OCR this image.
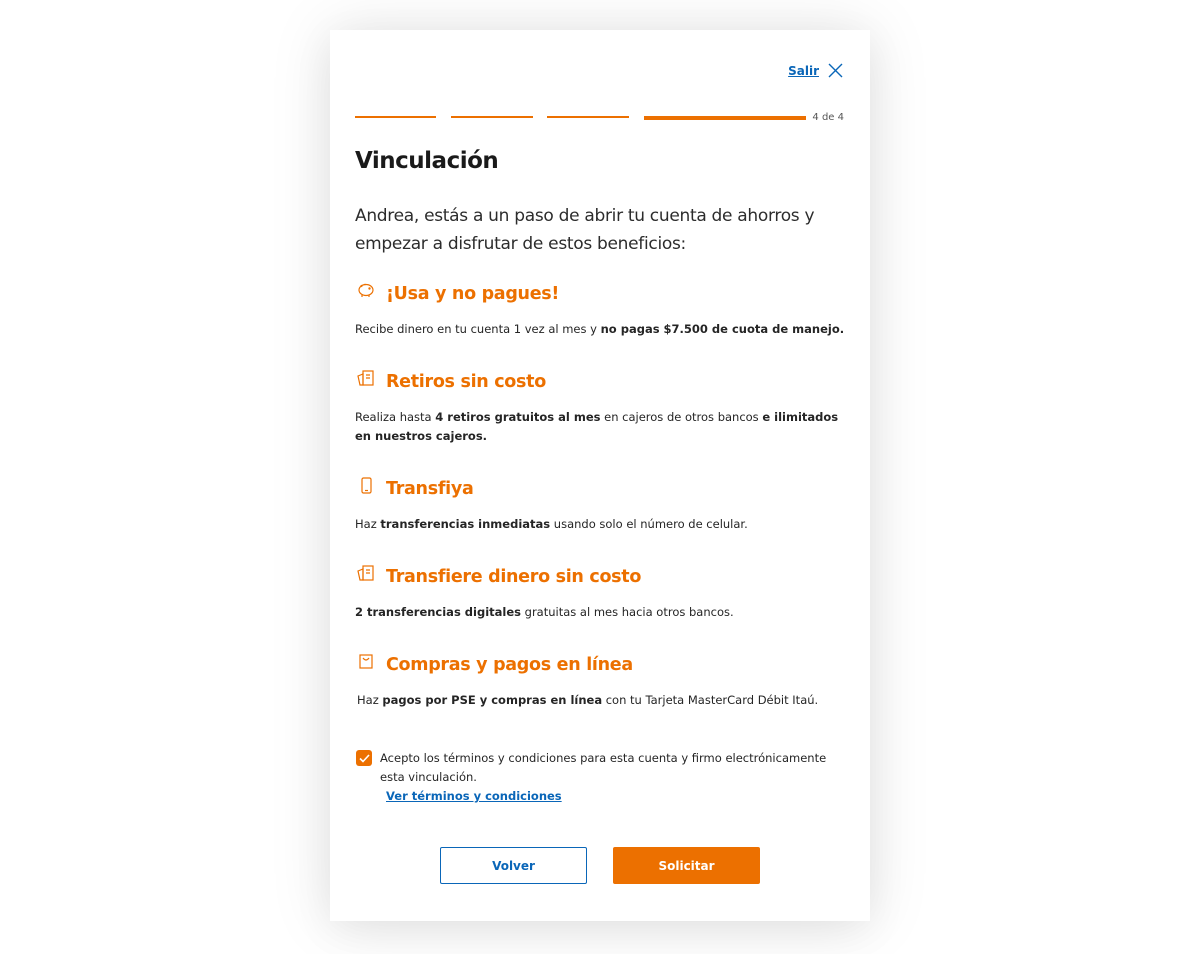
Salir
4 de 4
Vinculación

Andrea, estás a un paso de abrir tu cuenta de ahorros y empezar a disfrutar de estos beneficios:

¡Usa y no pagues!
Recibe dinero en tu cuenta 1 vez al mes y no pagas $7.500 de cuota de manejo.
Retiros sin costo
Realiza hasta 4 retiros gratuitos al mes en cajeros de otros bancos e ilimitados en nuestros cajeros.
Transfiya
Haz transferencias inmediatas usando solo el número de celular.
Transfiere dinero sin costo
2 transferencias digitales gratuitas al mes hacia otros bancos.
Compras y pagos en línea
Haz pagos por PSE y compras en línea con tu Tarjeta MasterCard Débit Itaú.
Acepto los términos y condiciones para esta cuenta y firmo electrónicamente esta vinculación.
Ver términos y condiciones
Volver	Solicitar
